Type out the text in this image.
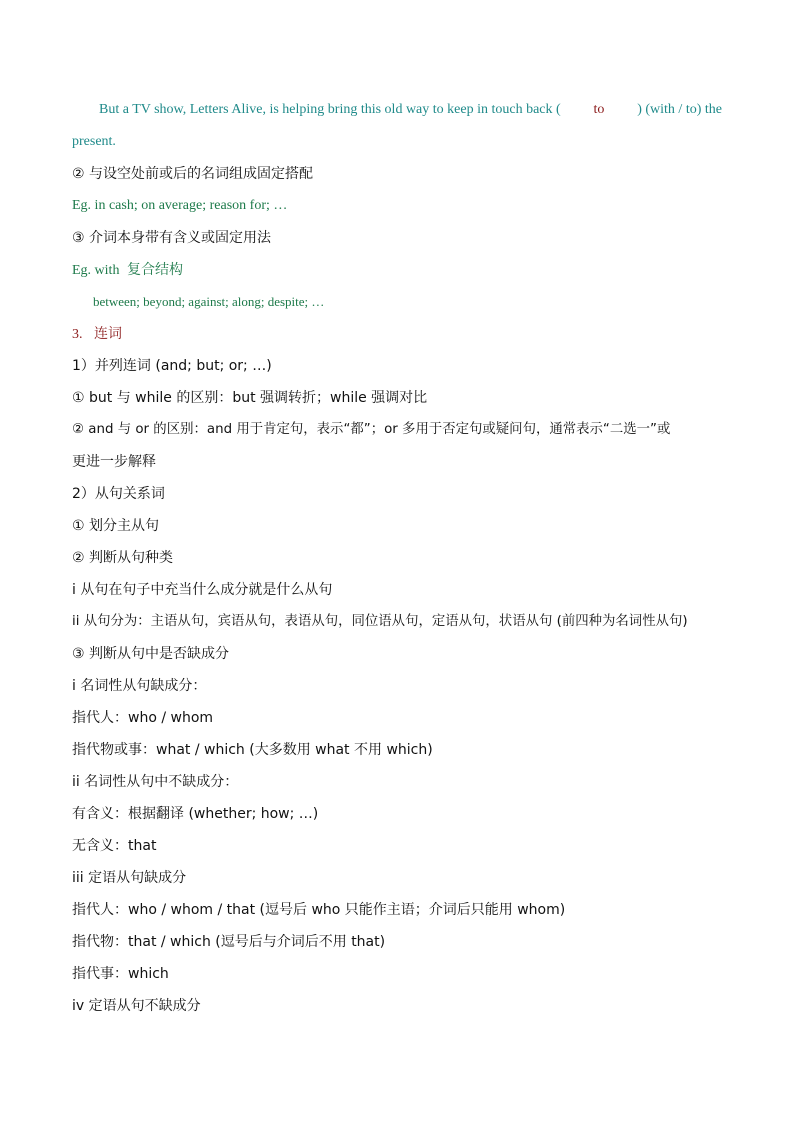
But a TV show, Letters Alive, is helping bring this old way to keep in touch back ( to ) (with / to) the
present.
② 与设空处前或后的名词组成固定搭配
Eg. in cash; on average; reason for; …
③ 介词本身带有含义或固定用法
Eg. with 复合结构
between; beyond; against; along; despite; …
3. 连词
1）并列连词 (and; but; or; …)
① but 与 while 的区别：but 强调转折；while 强调对比
② and 与 or 的区别：and 用于肯定句，表示“都”；or 多用于否定句或疑问句，通常表示“二选一”或
更进一步解释
2）从句关系词
① 划分主从句
② 判断从句种类
i 从句在句子中充当什么成分就是什么从句
ii 从句分为：主语从句，宾语从句，表语从句，同位语从句，定语从句，状语从句 (前四种为名词性从句)
③ 判断从句中是否缺成分
i 名词性从句缺成分：
指代人：who / whom
指代物或事：what / which (大多数用 what 不用 which)
ii 名词性从句中不缺成分：
有含义：根据翻译 (whether; how; …)
无含义：that
iii 定语从句缺成分
指代人：who / whom / that (逗号后 who 只能作主语；介词后只能用 whom)
指代物：that / which (逗号后与介词后不用 that)
指代事：which
iv 定语从句不缺成分
